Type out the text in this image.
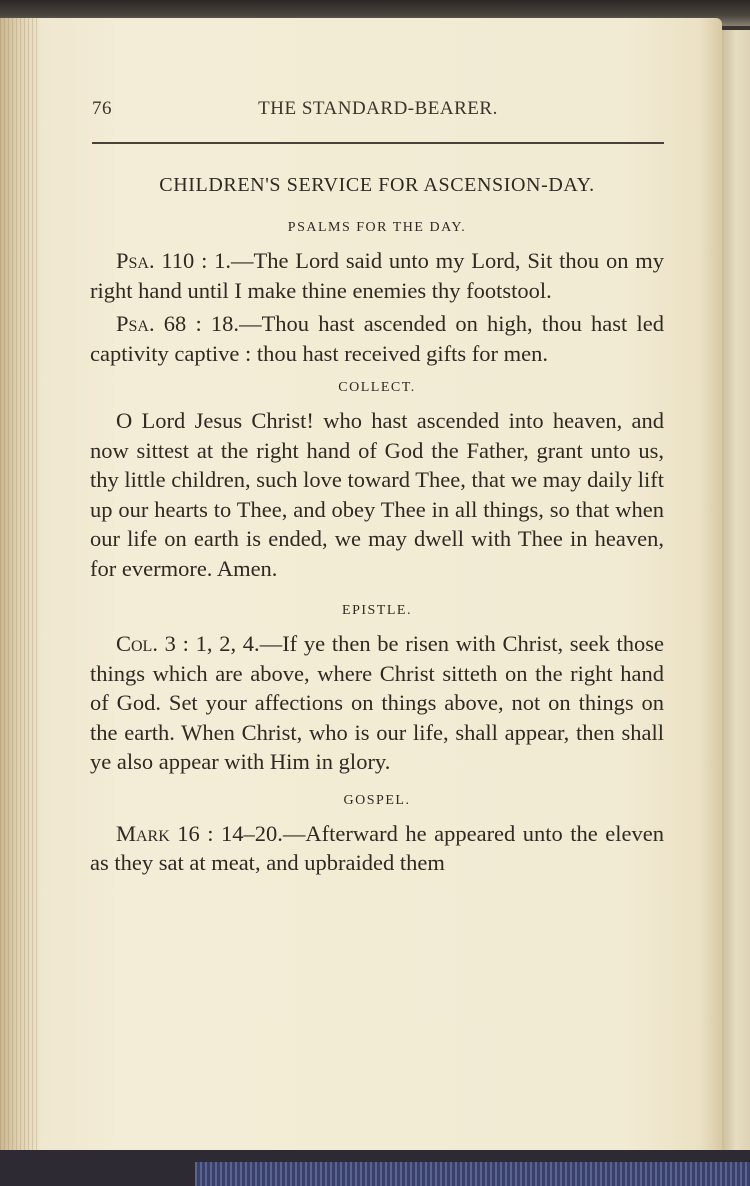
76	THE STANDARD-BEARER.
CHILDREN'S SERVICE FOR ASCENSION-DAY.
PSALMS FOR THE DAY.

Psa. 110 : 1.—The Lord said unto my Lord, Sit thou on my right hand until I make thine enemies thy footstool.

Psa. 68 : 18.—Thou hast ascended on high, thou hast led captivity captive : thou hast received gifts for men.

COLLECT.

O Lord Jesus Christ! who hast ascended into heaven, and now sittest at the right hand of God the Father, grant unto us, thy little children, such love toward Thee, that we may daily lift up our hearts to Thee, and obey Thee in all things, so that when our life on earth is ended, we may dwell with Thee in heaven, for evermore. Amen.

EPISTLE.

Col. 3 : 1, 2, 4.—If ye then be risen with Christ, seek those things which are above, where Christ sitteth on the right hand of God. Set your affections on things above, not on things on the earth. When Christ, who is our life, shall appear, then shall ye also appear with Him in glory.

GOSPEL.

Mark 16 : 14–20.—Afterward he appeared unto the eleven as they sat at meat, and upbraided them
